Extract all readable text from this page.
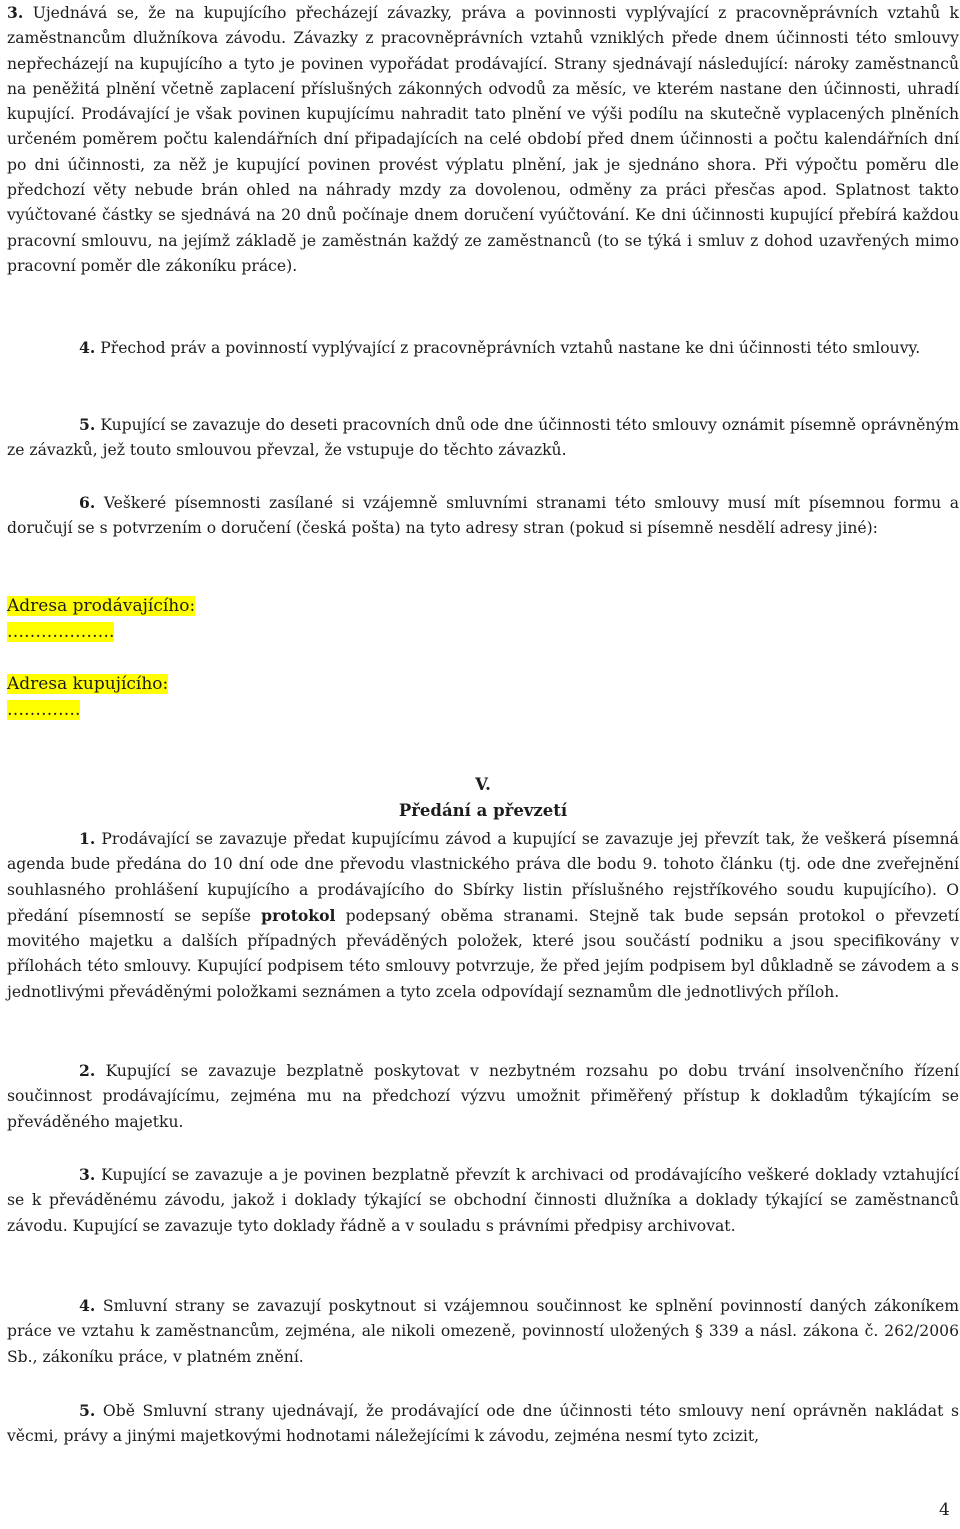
3. Ujednává se, že na kupujícího přecházejí závazky, práva a povinnosti vyplývající z pracovněprávních vztahů k zaměstnancům dlužníkova závodu. Závazky z pracovněprávních vztahů vzniklých přede dnem účinnosti této smlouvy nepřecházejí na kupujícího a tyto je povinen vypořádat prodávající. Strany sjednávají následující: nároky zaměstnanců na peněžitá plnění včetně zaplacení příslušných zákonných odvodů za měsíc, ve kterém nastane den účinnosti, uhradí kupující. Prodávající je však povinen kupujícímu nahradit tato plnění ve výši podílu na skutečně vyplacených plněních určeném poměrem počtu kalendářních dní připadajících na celé období před dnem účinnosti a počtu kalendářních dní po dni účinnosti, za něž je kupující povinen provést výplatu plnění, jak je sjednáno shora. Při výpočtu poměru dle předchozí věty nebude brán ohled na náhrady mzdy za dovolenou, odměny za práci přesčas apod. Splatnost takto vyúčtované částky se sjednává na 20 dnů počínaje dnem doručení vyúčtování. Ke dni účinnosti kupující přebírá každou pracovní smlouvu, na jejímž základě je zaměstnán každý ze zaměstnanců (to se týká i smluv z dohod uzavřených mimo pracovní poměr dle zákoníku práce).

4. Přechod práv a povinností vyplývající z pracovněprávních vztahů nastane ke dni účinnosti této smlouvy.

5. Kupující se zavazuje do deseti pracovních dnů ode dne účinnosti této smlouvy oznámit písemně oprávněným ze závazků, jež touto smlouvou převzal, že vstupuje do těchto závazků.

6. Veškeré písemnosti zasílané si vzájemně smluvními stranami této smlouvy musí mít písemnou formu a doručují se s potvrzením o doručení (česká pošta) na tyto adresy stran (pokud si písemně nesdělí adresy jiné):

Adresa prodávajícího:

……………….

Adresa kupujícího:

………….

V.

Předání a převzetí

1. Prodávající se zavazuje předat kupujícímu závod a kupující se zavazuje jej převzít tak, že veškerá písemná agenda bude předána do 10 dní ode dne převodu vlastnického práva dle bodu 9. tohoto článku (tj. ode dne zveřejnění souhlasného prohlášení kupujícího a prodávajícího do Sbírky listin příslušného rejstříkového soudu kupujícího). O předání písemností se sepíše protokol podepsaný oběma stranami. Stejně tak bude sepsán protokol o převzetí movitého majetku a dalších případných převáděných položek, které jsou součástí podniku a jsou specifikovány v přílohách této smlouvy. Kupující podpisem této smlouvy potvrzuje, že před jejím podpisem byl důkladně se závodem a s jednotlivými převáděnými položkami seznámen a tyto zcela odpovídají seznamům dle jednotlivých příloh.

2. Kupující se zavazuje bezplatně poskytovat v nezbytném rozsahu po dobu trvání insolvenčního řízení součinnost prodávajícímu, zejména mu na předchozí výzvu umožnit přiměřený přístup k dokladům týkajícím se převáděného majetku.

3. Kupující se zavazuje a je povinen bezplatně převzít k archivaci od prodávajícího veškeré doklady vztahující se k převáděnému závodu, jakož i doklady týkající se obchodní činnosti dlužníka a doklady týkající se zaměstnanců závodu. Kupující se zavazuje tyto doklady řádně a v souladu s právními předpisy archivovat.

4. Smluvní strany se zavazují poskytnout si vzájemnou součinnost ke splnění povinností daných zákoníkem práce ve vztahu k zaměstnancům, zejména, ale nikoli omezeně, povinností uložených § 339 a násl. zákona č. 262/2006 Sb., zákoníku práce, v platném znění.

5. Obě Smluvní strany ujednávají, že prodávající ode dne účinnosti této smlouvy není oprávněn nakládat s věcmi, právy a jinými majetkovými hodnotami náležejícími k závodu, zejména nesmí tyto zcizit,

4
